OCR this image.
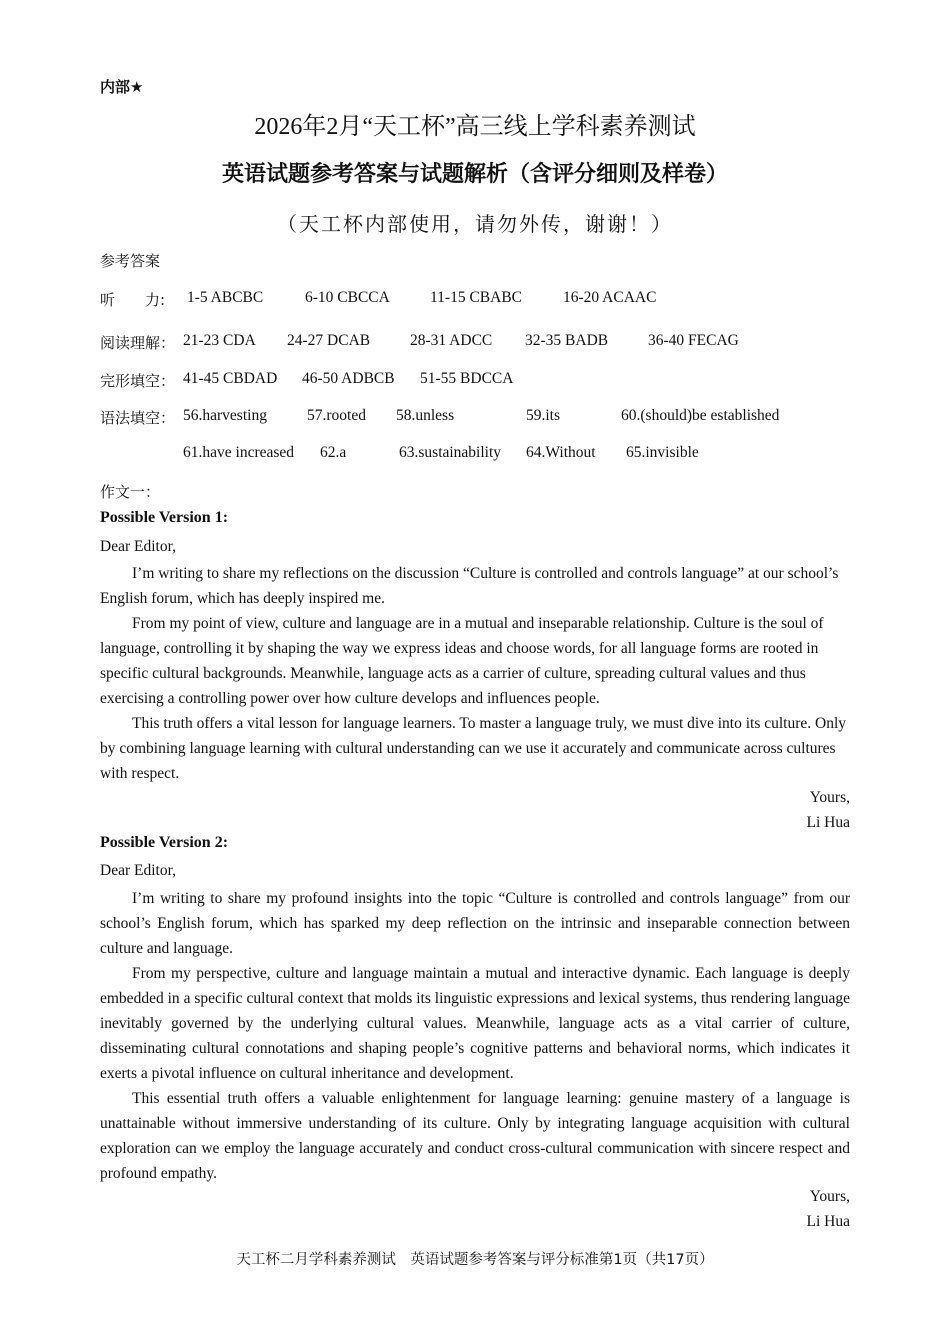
内部★
2026年2月“天工杯”高三线上学科素养测试
英语试题参考答案与试题解析（含评分细则及样卷）
（天工杯内部使用，请勿外传，谢谢！）
参考答案
听　　力: 1-5 ABCBC	6-10 CBCCA	11-15 CBABC	16-20 ACAAC
阅读理解： 21-23 CDA 24-27 DCAB	28-31 ADCC 32-35 BADB	36-40 FECAG
完形填空： 41-45 CBDAD 46-50 ADBCB 51-55 BDCCA
语法填空： 56.harvesting	57.rooted 58.unless	59.its	60.(should)be established
61.have increased 62.a	63.sustainability 64.Without 65.invisible
作文一：
Possible Version 1:
Dear Editor,

I’m writing to share my reflections on the discussion “Culture is controlled and controls language” at our school’s English forum, which has deeply inspired me.

From my point of view, culture and language are in a mutual and inseparable relationship. Culture is the soul of language, controlling it by shaping the way we express ideas and choose words, for all language forms are rooted in specific cultural backgrounds. Meanwhile, language acts as a carrier of culture, spreading cultural values and thus exercising a controlling power over how culture develops and influences people.

This truth offers a vital lesson for language learners. To master a language truly, we must dive into its culture. Only by combining language learning with cultural understanding can we use it accurately and communicate across cultures with respect.

Yours,
Li Hua
Possible Version 2:
Dear Editor,

I’m writing to share my profound insights into the topic “Culture is controlled and controls language” from our school’s English forum, which has sparked my deep reflection on the intrinsic and inseparable connection between culture and language.

From my perspective, culture and language maintain a mutual and interactive dynamic. Each language is deeply embedded in a specific cultural context that molds its linguistic expressions and lexical systems, thus rendering language inevitably governed by the underlying cultural values. Meanwhile, language acts as a vital carrier of culture, disseminating cultural connotations and shaping people’s cognitive patterns and behavioral norms, which indicates it exerts a pivotal influence on cultural inheritance and development.

This essential truth offers a valuable enlightenment for language learning: genuine mastery of a language is unattainable without immersive understanding of its culture. Only by integrating language acquisition with cultural exploration can we employ the language accurately and conduct cross-cultural communication with sincere respect and profound empathy.

Yours,
Li Hua
天工杯二月学科素养测试　英语试题参考答案与评分标准第1页（共17页）
